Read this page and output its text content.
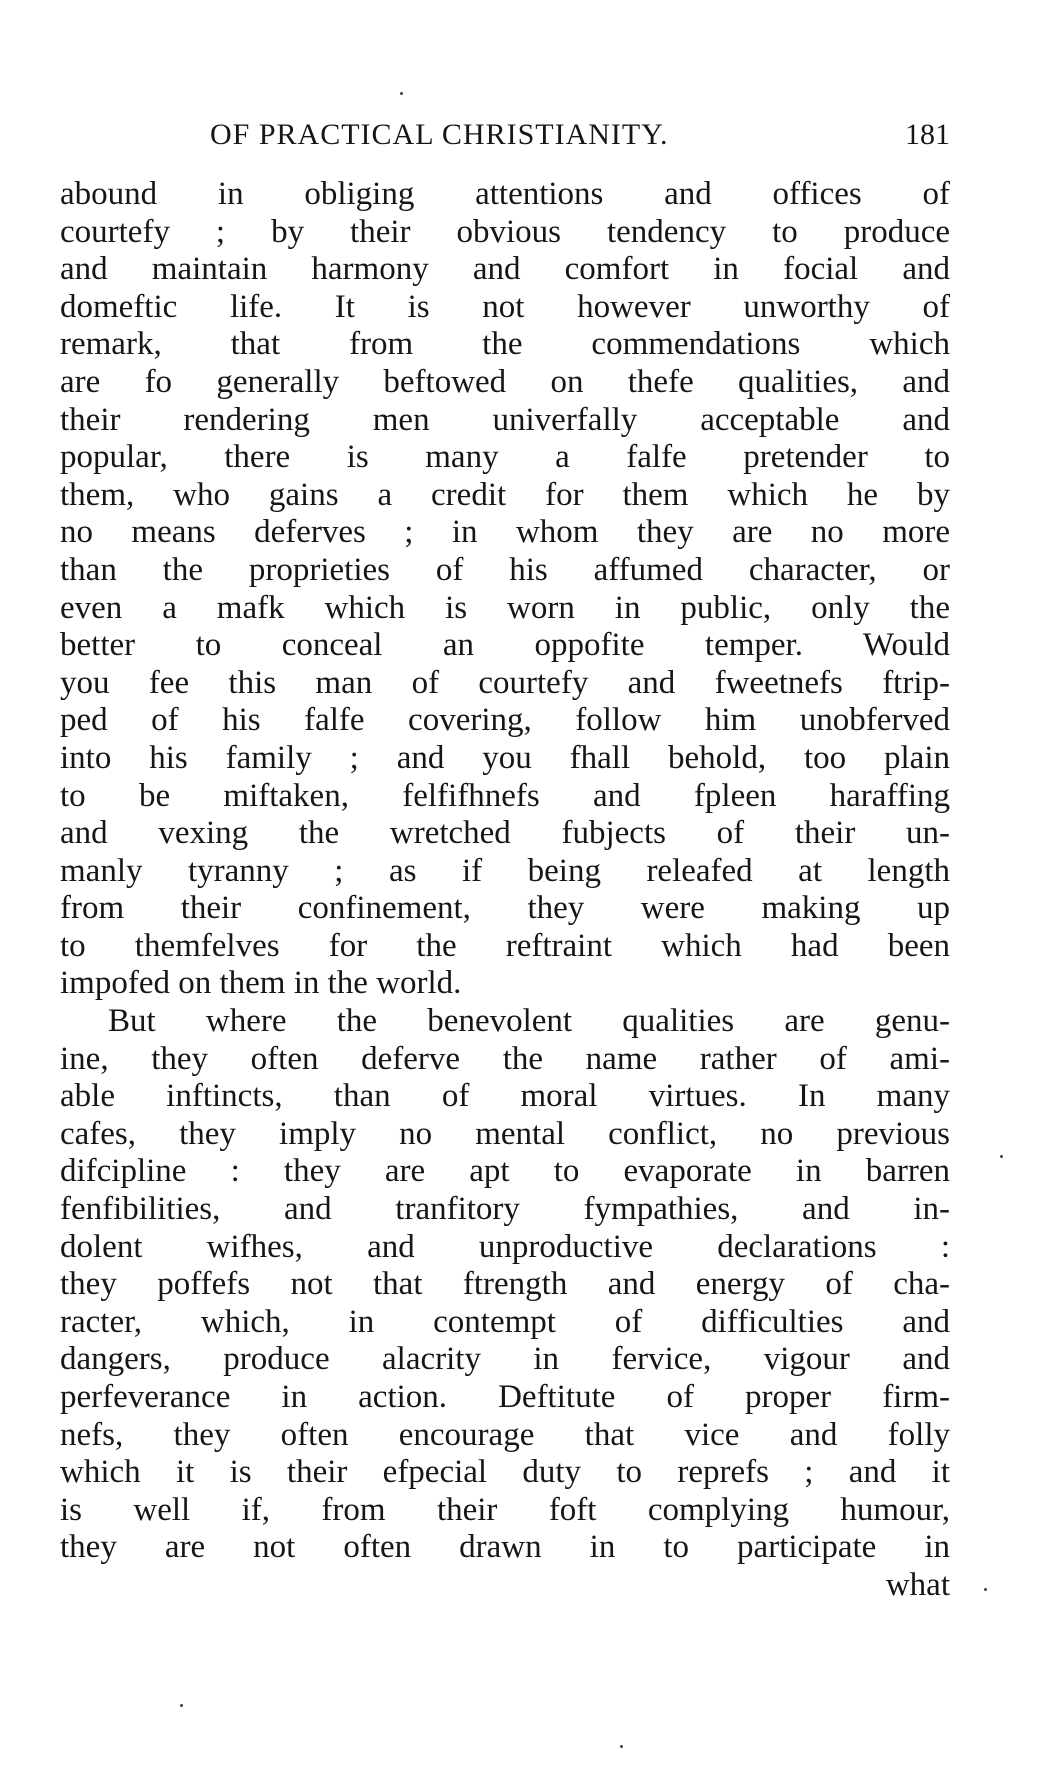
OF PRACTICAL CHRISTIANITY.	181
abound in obliging attentions and offices of
courtefy ; by their obvious tendency to produce
and maintain harmony and comfort in focial and
domeftic life. It is not however unworthy of
remark, that from the commendations which
are fo generally beftowed on thefe qualities, and
their rendering men univerfally acceptable and
popular, there is many a falfe pretender to
them, who gains a credit for them which he by
no means deferves ; in whom they are no more
than the proprieties of his affumed character, or
even a mafk which is worn in public, only the
better to conceal an oppofite temper. Would
you fee this man of courtefy and fweetnefs ftrip-
ped of his falfe covering, follow him unobferved
into his family ; and you fhall behold, too plain
to be miftaken, felfifhnefs and fpleen haraffing
and vexing the wretched fubjects of their un-
manly tyranny ; as if being releafed at length
from their confinement, they were making up
to themfelves for the reftraint which had been
impofed on them in the world.
But where the benevolent qualities are genu-
ine, they often deferve the name rather of ami-
able inftincts, than of moral virtues. In many
cafes, they imply no mental conflict, no previous
difcipline : they are apt to evaporate in barren
fenfibilities, and tranfitory fympathies, and in-
dolent wifhes, and unproductive declarations :
they poffefs not that ftrength and energy of cha-
racter, which, in contempt of difficulties and
dangers, produce alacrity in fervice, vigour and
perfeverance in action. Deftitute of proper firm-
nefs, they often encourage that vice and folly
which it is their efpecial duty to reprefs ; and it
is well if, from their foft complying humour,
they are not often drawn in to participate in
what
